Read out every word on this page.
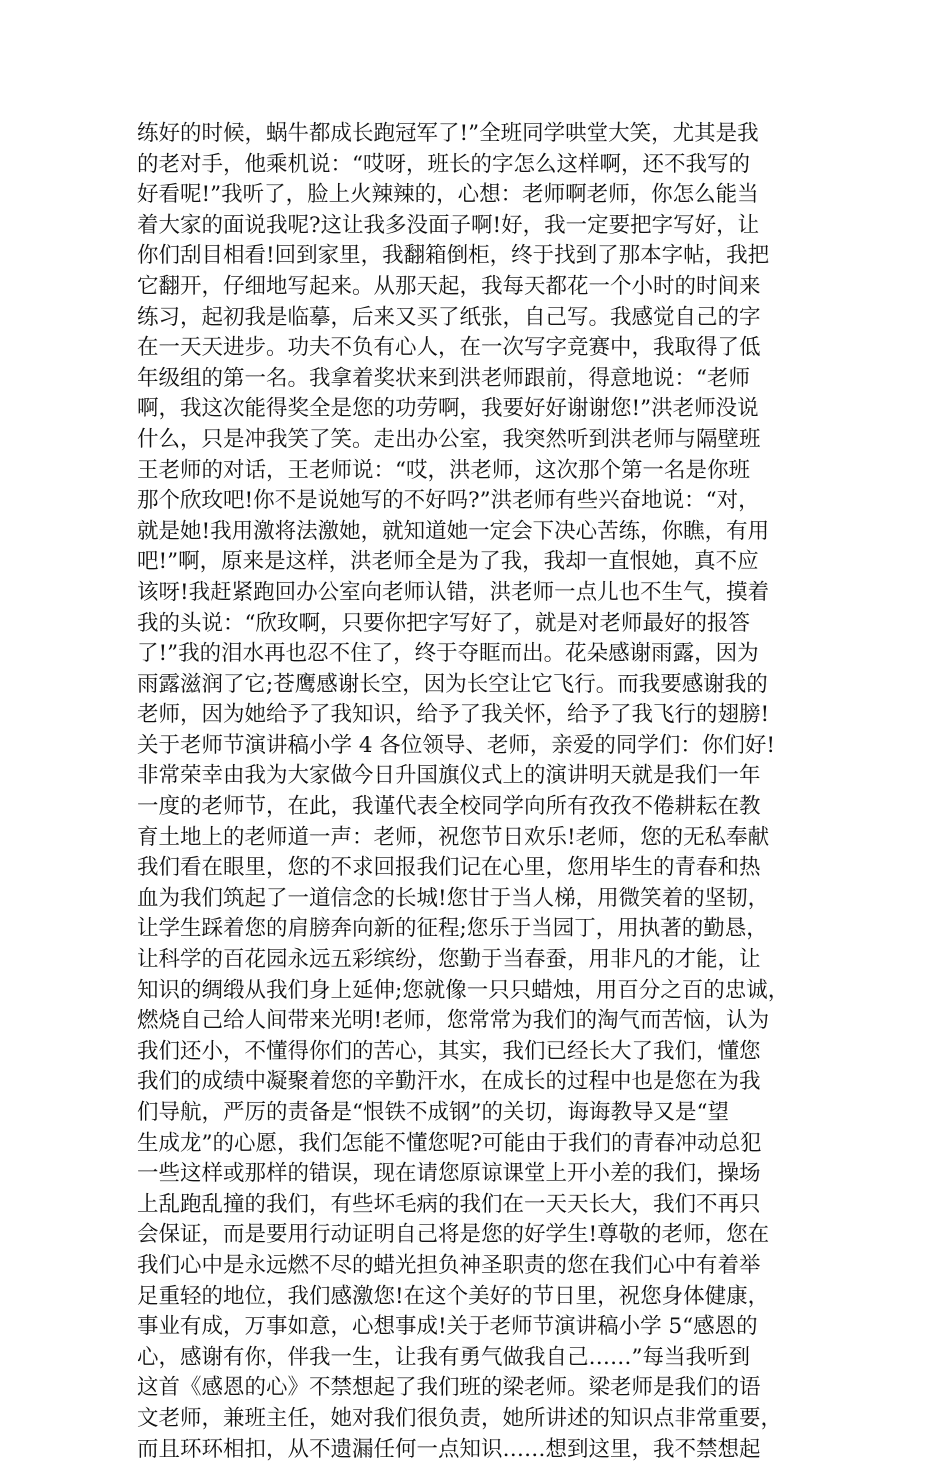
练好的时候，蜗牛都成长跑冠军了!”全班同学哄堂大笑，尤其是我
的老对手，他乘机说：“哎呀，班长的字怎么这样啊，还不我写的
好看呢!”我听了，脸上火辣辣的，心想：老师啊老师，你怎么能当
着大家的面说我呢?这让我多没面子啊!好，我一定要把字写好，让
你们刮目相看!回到家里，我翻箱倒柜，终于找到了那本字帖，我把
它翻开，仔细地写起来。从那天起，我每天都花一个小时的时间来
练习，起初我是临摹，后来又买了纸张，自己写。我感觉自己的字
在一天天进步。功夫不负有心人，在一次写字竞赛中，我取得了低
年级组的第一名。我拿着奖状来到洪老师跟前，得意地说：“老师
啊，我这次能得奖全是您的功劳啊，我要好好谢谢您!”洪老师没说
什么，只是冲我笑了笑。走出办公室，我突然听到洪老师与隔壁班
王老师的对话，王老师说：“哎，洪老师，这次那个第一名是你班
那个欣玫吧!你不是说她写的不好吗?”洪老师有些兴奋地说：“对，
就是她!我用激将法激她，就知道她一定会下决心苦练，你瞧，有用
吧!”啊，原来是这样，洪老师全是为了我，我却一直恨她，真不应
该呀!我赶紧跑回办公室向老师认错，洪老师一点儿也不生气，摸着
我的头说：“欣玫啊，只要你把字写好了，就是对老师最好的报答
了!”我的泪水再也忍不住了，终于夺眶而出。花朵感谢雨露，因为
雨露滋润了它;苍鹰感谢长空，因为长空让它飞行。而我要感谢我的
老师，因为她给予了我知识，给予了我关怀，给予了我飞行的翅膀!
关于老师节演讲稿小学 4 各位领导、老师，亲爱的同学们：你们好!
非常荣幸由我为大家做今日升国旗仪式上的演讲明天就是我们一年
一度的老师节，在此，我谨代表全校同学向所有孜孜不倦耕耘在教
育土地上的老师道一声：老师，祝您节日欢乐!老师，您的无私奉献
我们看在眼里，您的不求回报我们记在心里，您用毕生的青春和热
血为我们筑起了一道信念的长城!您甘于当人梯，用微笑着的坚韧，
让学生踩着您的肩膀奔向新的征程;您乐于当园丁，用执著的勤恳，
让科学的百花园永远五彩缤纷，您勤于当春蚕，用非凡的才能，让
知识的绸缎从我们身上延伸;您就像一只只蜡烛，用百分之百的忠诚，
燃烧自己给人间带来光明!老师，您常常为我们的淘气而苦恼，认为
我们还小，不懂得你们的苦心，其实，我们已经长大了我们，懂您
我们的成绩中凝聚着您的辛勤汗水，在成长的过程中也是您在为我
们导航，严厉的责备是“恨铁不成钢”的关切，诲诲教导又是“望
生成龙”的心愿，我们怎能不懂您呢?可能由于我们的青春冲动总犯
一些这样或那样的错误，现在请您原谅课堂上开小差的我们，操场
上乱跑乱撞的我们，有些坏毛病的我们在一天天长大，我们不再只
会保证，而是要用行动证明自己将是您的好学生!尊敬的老师，您在
我们心中是永远燃不尽的蜡光担负神圣职责的您在我们心中有着举
足重轻的地位，我们感激您!在这个美好的节日里，祝您身体健康，
事业有成，万事如意，心想事成!关于老师节演讲稿小学 5“感恩的
心，感谢有你，伴我一生，让我有勇气做我自己……”每当我听到
这首《感恩的心》不禁想起了我们班的梁老师。梁老师是我们的语
文老师，兼班主任，她对我们很负责，她所讲述的知识点非常重要，
而且环环相扣，从不遗漏任何一点知识……想到这里，我不禁想起
